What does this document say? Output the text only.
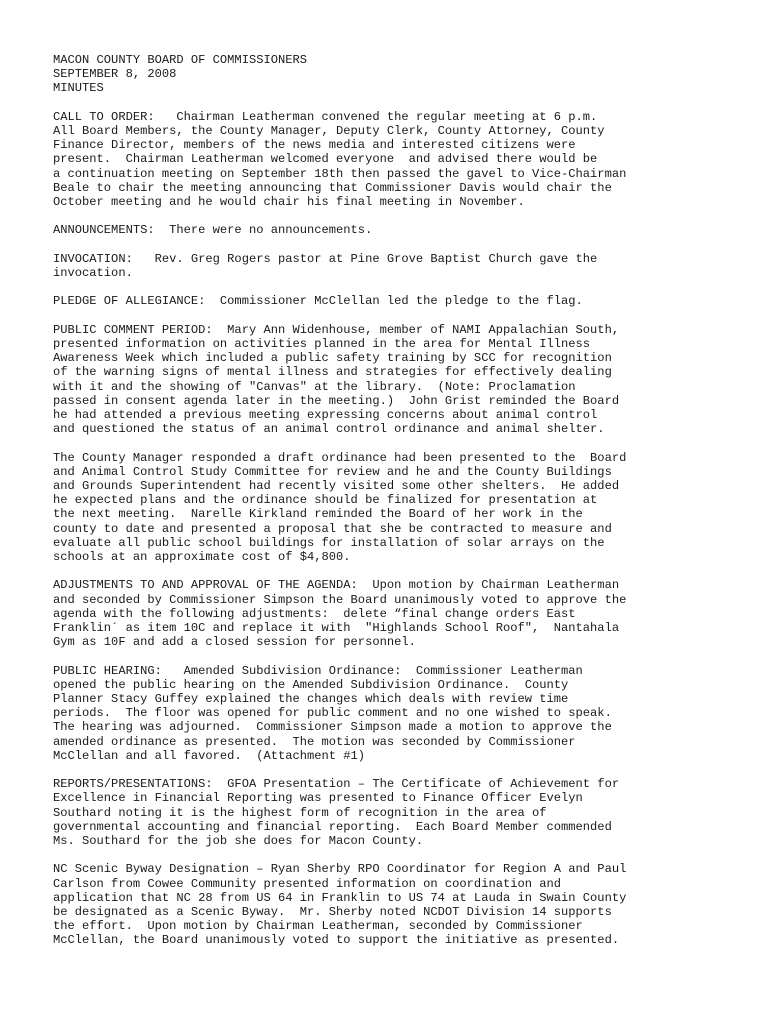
MACON COUNTY BOARD OF COMMISSIONERS
SEPTEMBER 8, 2008
MINUTES
CALL TO ORDER:   Chairman Leatherman convened the regular meeting at 6 p.m.
All Board Members, the County Manager, Deputy Clerk, County Attorney, County
Finance Director, members of the news media and interested citizens were
present.  Chairman Leatherman welcomed everyone  and advised there would be
a continuation meeting on September 18th then passed the gavel to Vice-Chairman
Beale to chair the meeting announcing that Commissioner Davis would chair the
October meeting and he would chair his final meeting in November.
ANNOUNCEMENTS:  There were no announcements.
INVOCATION:   Rev. Greg Rogers pastor at Pine Grove Baptist Church gave the
invocation.
PLEDGE OF ALLEGIANCE:  Commissioner McClellan led the pledge to the flag.
PUBLIC COMMENT PERIOD:  Mary Ann Widenhouse, member of NAMI Appalachian South,
presented information on activities planned in the area for Mental Illness
Awareness Week which included a public safety training by SCC for recognition
of the warning signs of mental illness and strategies for effectively dealing
with it and the showing of "Canvas" at the library.  (Note: Proclamation
passed in consent agenda later in the meeting.)  John Grist reminded the Board
he had attended a previous meeting expressing concerns about animal control
and questioned the status of an animal control ordinance and animal shelter.
The County Manager responded a draft ordinance had been presented to the  Board
and Animal Control Study Committee for review and he and the County Buildings
and Grounds Superintendent had recently visited some other shelters.  He added
he expected plans and the ordinance should be finalized for presentation at
the next meeting.  Narelle Kirkland reminded the Board of her work in the
county to date and presented a proposal that she be contracted to measure and
evaluate all public school buildings for installation of solar arrays on the
schools at an approximate cost of $4,800.
ADJUSTMENTS TO AND APPROVAL OF THE AGENDA:  Upon motion by Chairman Leatherman
and seconded by Commissioner Simpson the Board unanimously voted to approve the
agenda with the following adjustments:  delete “final change orders East
Franklin´ as item 10C and replace it with  "Highlands School Roof",  Nantahala
Gym as 10F and add a closed session for personnel.
PUBLIC HEARING:   Amended Subdivision Ordinance:  Commissioner Leatherman
opened the public hearing on the Amended Subdivision Ordinance.  County
Planner Stacy Guffey explained the changes which deals with review time
periods.  The floor was opened for public comment and no one wished to speak.
The hearing was adjourned.  Commissioner Simpson made a motion to approve the
amended ordinance as presented.  The motion was seconded by Commissioner
McClellan and all favored.  (Attachment #1)
REPORTS/PRESENTATIONS:  GFOA Presentation – The Certificate of Achievement for
Excellence in Financial Reporting was presented to Finance Officer Evelyn
Southard noting it is the highest form of recognition in the area of
governmental accounting and financial reporting.  Each Board Member commended
Ms. Southard for the job she does for Macon County.
NC Scenic Byway Designation – Ryan Sherby RPO Coordinator for Region A and Paul
Carlson from Cowee Community presented information on coordination and
application that NC 28 from US 64 in Franklin to US 74 at Lauda in Swain County
be designated as a Scenic Byway.  Mr. Sherby noted NCDOT Division 14 supports
the effort.  Upon motion by Chairman Leatherman, seconded by Commissioner
McClellan, the Board unanimously voted to support the initiative as presented.
